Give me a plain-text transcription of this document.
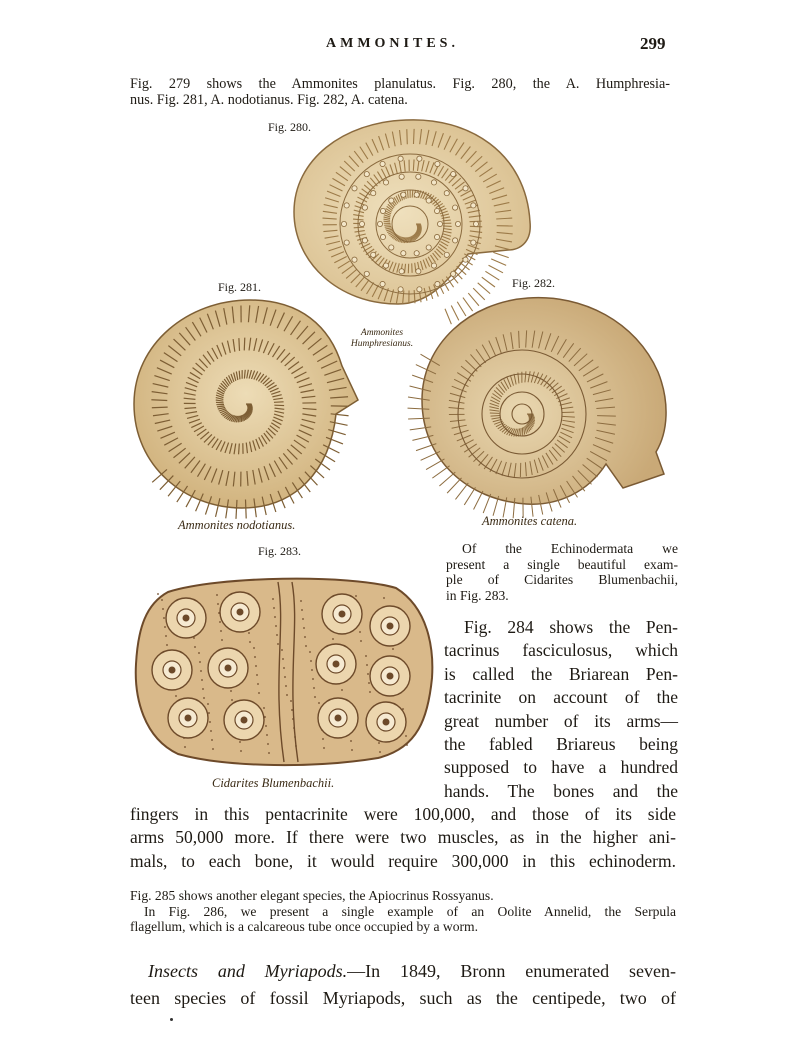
AMMONITES.	299
Fig. 279 shows the Ammonites planulatus. Fig. 280, the A. Humphresia-
nus. Fig. 281, A. nodotianus. Fig. 282, A. catena.
Fig. 280.
Ammonites
Humphresianus.
Fig. 281.
Ammonites nodotianus.
Fig. 282.
Ammonites catena.
Fig. 283.
Cidarites Blumenbachii.
Of the Echinodermata we
present a single beautiful exam-
ple of Cidarites Blumenbachii,
in Fig. 283.
Fig. 284 shows the Pen-
tacrinus fasciculosus, which
is called the Briarean Pen-
tacrinite on account of the
great number of its arms—
the fabled Briareus being
supposed to have a hundred
hands. The bones and the
fingers in this pentacrinite were 100,000, and those of its side
arms 50,000 more. If there were two muscles, as in the higher ani-
mals, to each bone, it would require 300,000 in this echinoderm.
Fig. 285 shows another elegant species, the Apiocrinus Rossyanus.
In Fig. 286, we present a single example of an Oolite Annelid, the Serpula
flagellum, which is a calcareous tube once occupied by a worm.
Insects and Myriapods.—In 1849, Bronn enumerated seven-
teen species of fossil Myriapods, such as the centipede, two of
